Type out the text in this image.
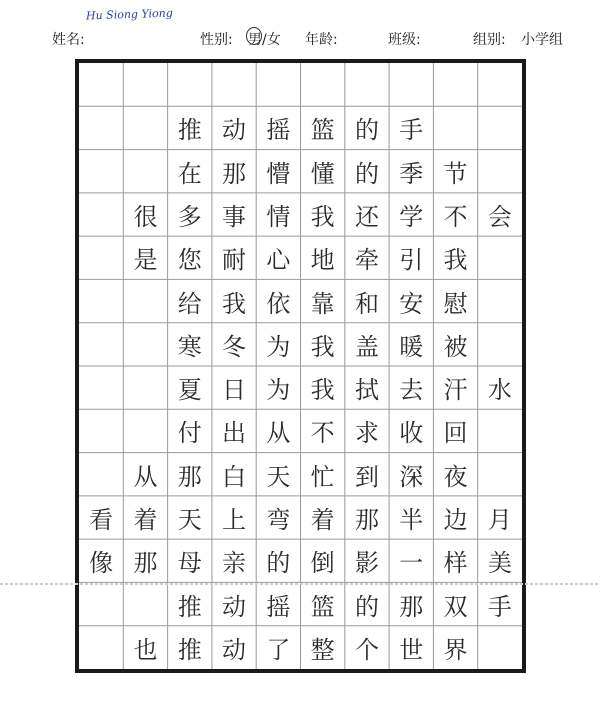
姓名:
Hu Siong Yiong
性别: 男/女 年龄:	班级:	组别: 小学组
推 动 摇 篮 的 手
在 那 懵 懂 的 季 节
很 多 事 情 我 还 学 不 会
是 您 耐 心 地 牵 引 我
给 我 依 靠 和 安 慰
寒 冬 为 我 盖 暖 被
夏 日 为 我 拭 去 汗 水
付 出 从 不 求 收 回
从 那 白 天 忙 到 深 夜
看 着 天 上 弯 着 那 半 边 月
像 那 母 亲 的 倒 影 一 样 美
推 动 摇 篮 的 那 双 手
也 推 动 了 整 个 世 界
